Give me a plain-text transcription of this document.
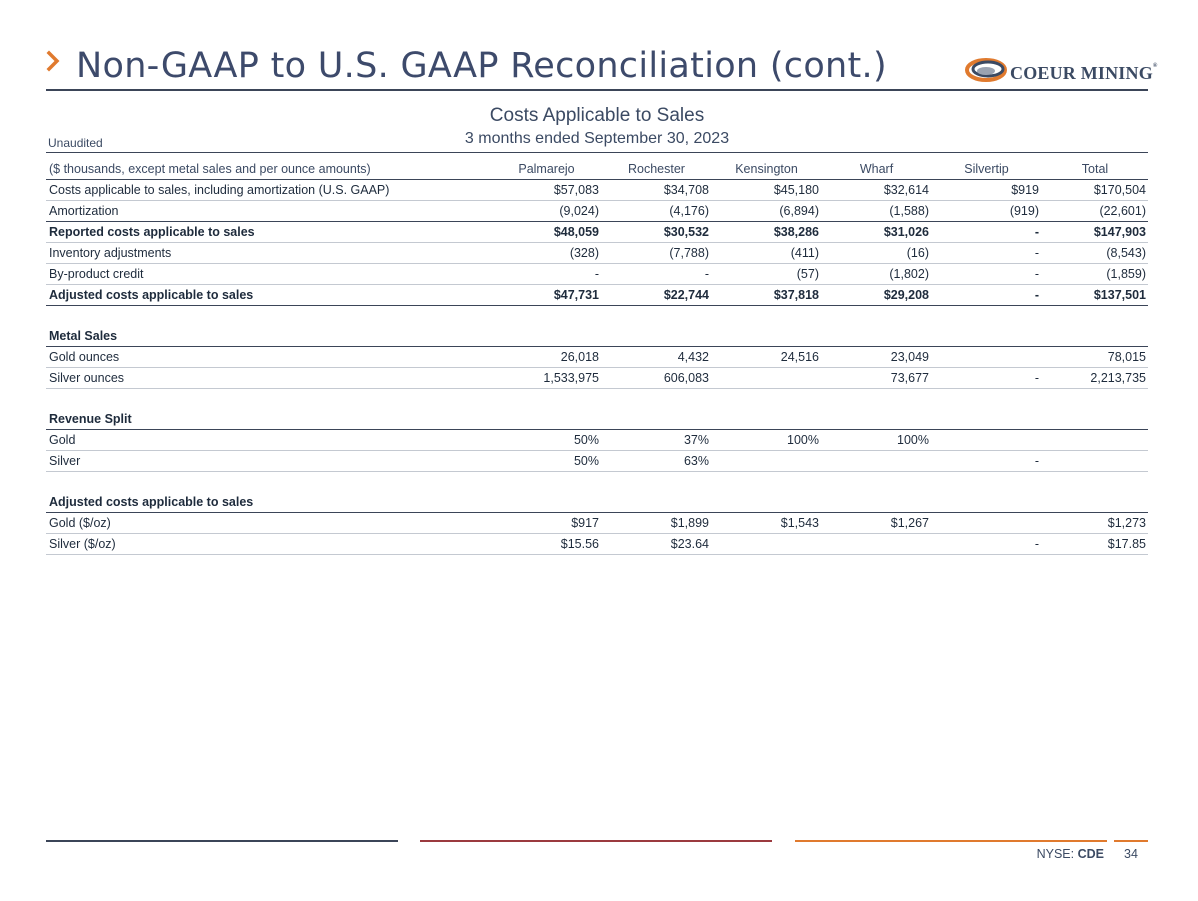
Non-GAAP to U.S. GAAP Reconciliation (cont.)	COEUR MINING®
Costs Applicable to Sales
3 months ended September 30, 2023
Unaudited
($ thousands, except metal sales and per ounce amounts)	Palmarejo	Rochester	Kensington	Wharf	Silvertip	Total
Costs applicable to sales, including amortization (U.S. GAAP)	$57,083	$34,708	$45,180	$32,614	$919	$170,504
Amortization	(9,024)	(4,176)	(6,894)	(1,588)	(919)	(22,601)
Reported costs applicable to sales	$48,059	$30,532	$38,286	$31,026	-	$147,903
Inventory adjustments	(328)	(7,788)	(411)	(16)	-	(8,543)
By-product credit	-	-	(57)	(1,802)	-	(1,859)
Adjusted costs applicable to sales	$47,731	$22,744	$37,818	$29,208	-	$137,501

Metal Sales						
Gold ounces	26,018	4,432	24,516	23,049		78,015
Silver ounces	1,533,975	606,083		73,677	-	2,213,735

Revenue Split						
Gold	50%	37%	100%	100%		
Silver	50%	63%			-	

Adjusted costs applicable to sales						
Gold ($/oz)	$917	$1,899	$1,543	$1,267		$1,273
Silver ($/oz)	$15.56	$23.64			-	$17.85
NYSE: CDE	34
